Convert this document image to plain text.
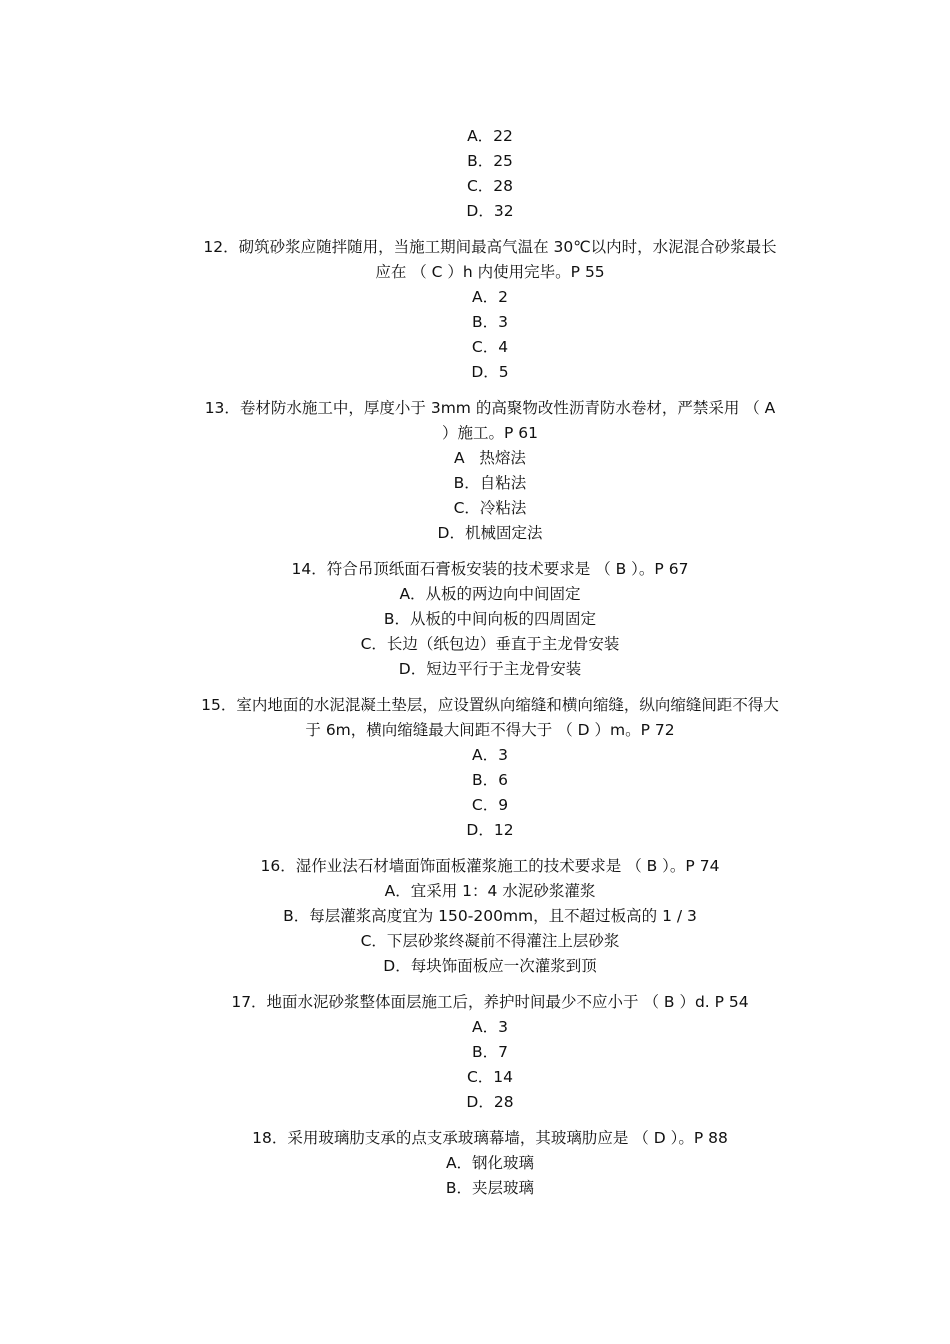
A．22
B．25
C．28
D．32
12．砌筑砂浆应随拌随用，当施工期间最高气温在 30℃以内时，水泥混合砂浆最长
应在 （ C ）h 内使用完毕。P 55
A．2
B．3
C．4
D．5
13．卷材防水施工中，厚度小于 3mm 的高聚物改性沥青防水卷材，严禁采用 （ A
）施工。P 61
A   热熔法
B．自粘法
C．冷粘法
D．机械固定法
14．符合吊顶纸面石膏板安装的技术要求是 （ B ）。P 67
A．从板的两边向中间固定
B．从板的中间向板的四周固定
C．长边（纸包边）垂直于主龙骨安装
D．短边平行于主龙骨安装
15．室内地面的水泥混凝土垫层，应设置纵向缩缝和横向缩缝，纵向缩缝间距不得大
于 6m，横向缩缝最大间距不得大于 （ D ）m。P 72
A．3
B．6
C．9
D．12
16．湿作业法石材墙面饰面板灌浆施工的技术要求是 （ B ）。P 74
A．宜采用 1：4 水泥砂浆灌浆
B．每层灌浆高度宜为 150-200mm，且不超过板高的 1 / 3
C．下层砂浆终凝前不得灌注上层砂浆
D．每块饰面板应一次灌浆到顶
17．地面水泥砂浆整体面层施工后，养护时间最少不应小于 （ B ）d. P 54
A．3
B．7
C．14
D．28
18．采用玻璃肋支承的点支承玻璃幕墙，其玻璃肋应是 （ D ）。P 88
A．钢化玻璃
B．夹层玻璃
